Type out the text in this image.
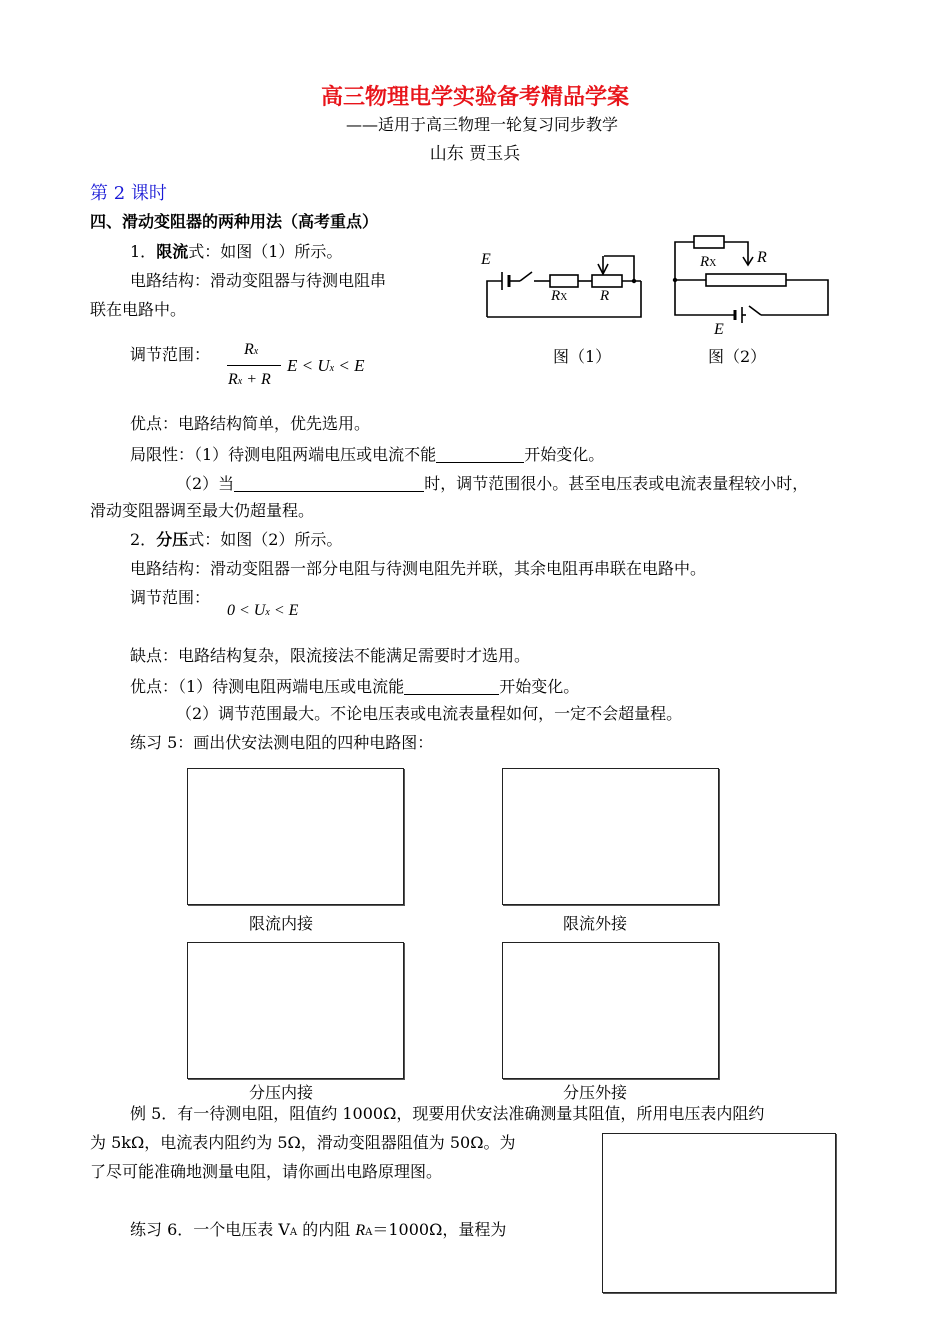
高三物理电学实验备考精品学案
——适用于高三物理一轮复习同步教学
山东 贾玉兵
第 2 课时
四、滑动变阻器的两种用法（高考重点）
1．限流式：如图（1）所示。
电路结构：滑动变阻器与待测电阻串
联在电路中。
调节范围： Rx
Rx + R
E < Ux < E
优点：电路结构简单，优先选用。
局限性：（1）待测电阻两端电压或电流不能	开始变化。
（2）当	时，调节范围很小。甚至电压表或电流表量程较小时，
滑动变阻器调至最大仍超量程。
2．分压式：如图（2）所示。
电路结构：滑动变阻器一部分电阻与待测电阻先并联，其余电阻再串联在电路中。
调节范围：
0 < Ux < E
缺点：电路结构复杂，限流接法不能满足需要时才选用。
优点：（1）待测电阻两端电压或电流能	开始变化。
（2）调节范围最大。不论电压表或电流表量程如何，一定不会超量程。
练习 5：画出伏安法测电阻的四种电路图：
E
RX R
图（1）
RX	R
E
图（2）
限流内接	限流外接
分压内接	分压外接
例 5．有一待测电阻，阻值约 1000Ω，现要用伏安法准确测量其阻值，所用电压表内阻约
为 5kΩ，电流表内阻约为 5Ω，滑动变阻器阻值为 50Ω。为
了尽可能准确地测量电阻，请你画出电路原理图。
练习 6．一个电压表 VA 的内阻 RA＝1000Ω，量程为
